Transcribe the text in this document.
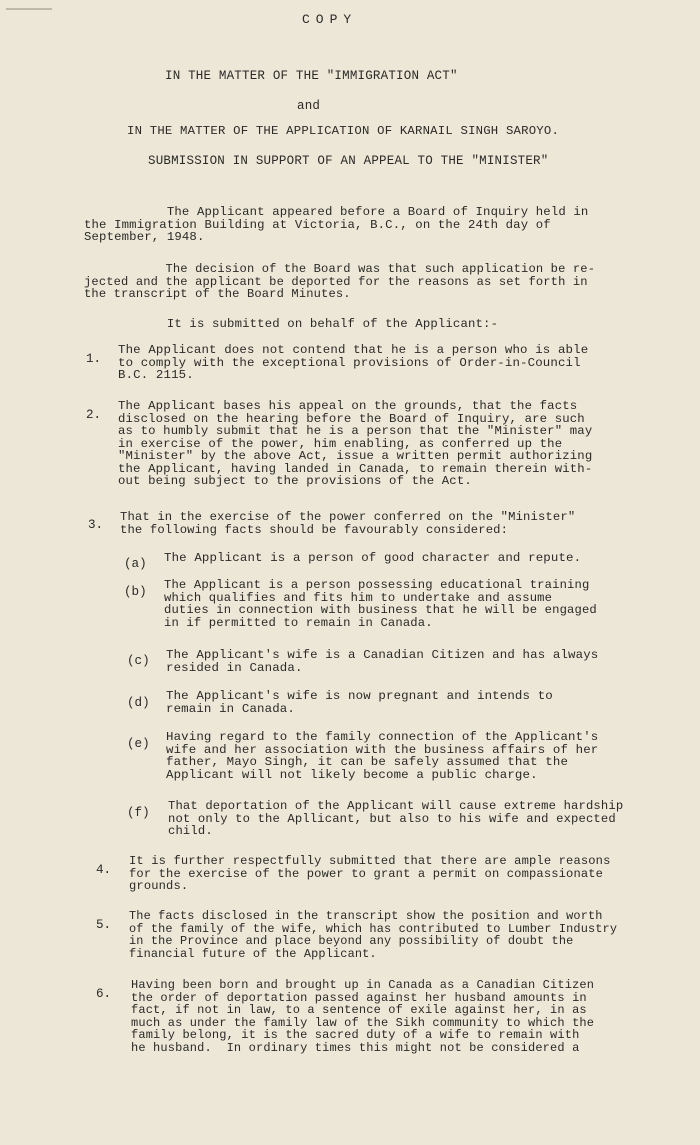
COPY
IN THE MATTER OF THE "IMMIGRATION ACT"
and
IN THE MATTER OF THE APPLICATION OF KARNAIL SINGH SAROYO.
SUBMISSION IN SUPPORT OF AN APPEAL TO THE "MINISTER"
The Applicant appeared before a Board of Inquiry held in
the Immigration Building at Victoria, B.C., on the 24th day of
September, 1948.
The decision of the Board was that such application be re-
jected and the applicant be deported for the reasons as set forth in
the transcript of the Board Minutes.
It is submitted on behalf of the Applicant:-
1.
The Applicant does not contend that he is a person who is able
to comply with the exceptional provisions of Order-in-Council
B.C. 2115.
2.
The Applicant bases his appeal on the grounds, that the facts
disclosed on the hearing before the Board of Inquiry, are such
as to humbly submit that he is a person that the "Minister" may
in exercise of the power, him enabling, as conferred up the
"Minister" by the above Act, issue a written permit authorizing
the Applicant, having landed in Canada, to remain therein with-
out being subject to the provisions of the Act.
3.
That in the exercise of the power conferred on the "Minister"
the following facts should be favourably considered:
(a) The Applicant is a person of good character and repute.
(b) The Applicant is a person possessing educational training
which qualifies and fits him to undertake and assume
duties in connection with business that he will be engaged
in if permitted to remain in Canada.
(c) The Applicant's wife is a Canadian Citizen and has always
resided in Canada.
(d) The Applicant's wife is now pregnant and intends to
remain in Canada.
(e) Having regard to the family connection of the Applicant's
wife and her association with the business affairs of her
father, Mayo Singh, it can be safely assumed that the
Applicant will not likely become a public charge.
(f) That deportation of the Applicant will cause extreme hardship
not only to the Apllicant, but also to his wife and expected
child.
4.
It is further respectfully submitted that there are ample reasons
for the exercise of the power to grant a permit on compassionate
grounds.
5.
The facts disclosed in the transcript show the position and worth
of the family of the wife, which has contributed to Lumber Industry
in the Province and place beyond any possibility of doubt the
financial future of the Applicant.
6.
Having been born and brought up in Canada as a Canadian Citizen
the order of deportation passed against her husband amounts in
fact, if not in law, to a sentence of exile against her, in as
much as under the family law of the Sikh community to which the
family belong, it is the sacred duty of a wife to remain with
he husband.  In ordinary times this might not be considered a
